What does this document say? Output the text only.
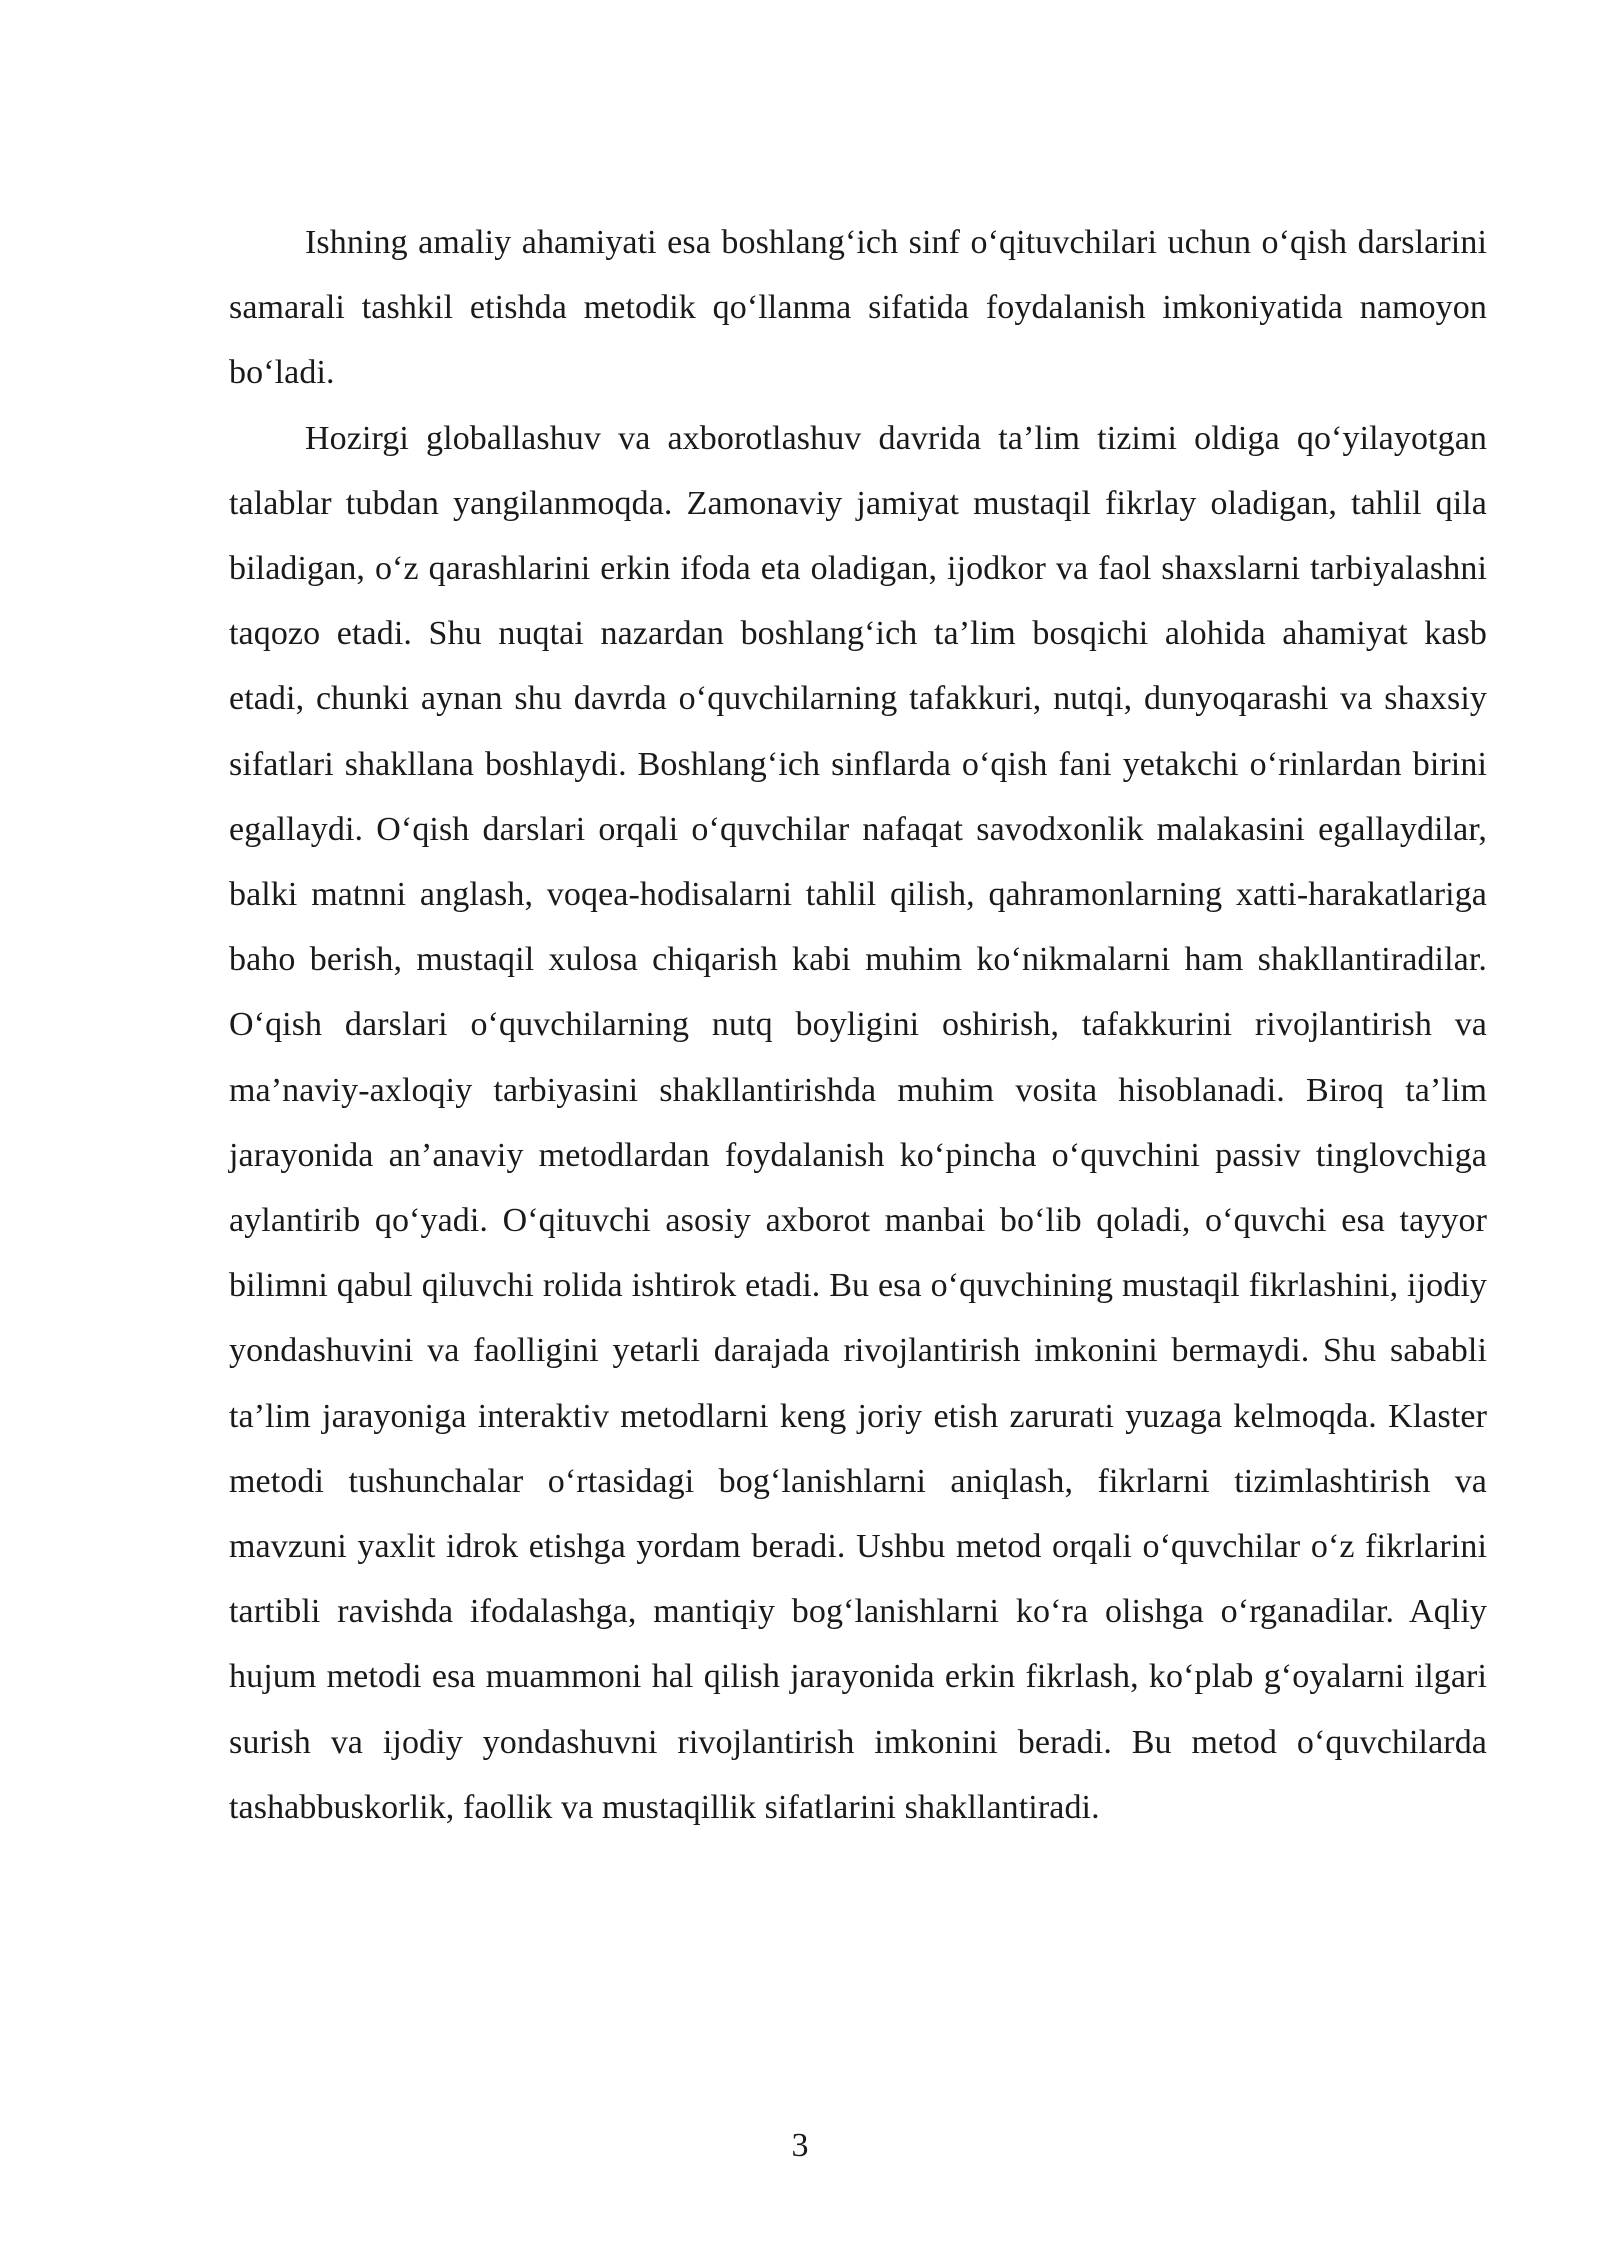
Ishning amaliy ahamiyati esa boshlang‘ich sinf o‘qituvchilari uchun o‘qish darslarini samarali tashkil etishda metodik qo‘llanma sifatida foydalanish imkoniyatida namoyon bo‘ladi.

Hozirgi globallashuv va axborotlashuv davrida ta’lim tizimi oldiga qo‘yilayotgan talablar tubdan yangilanmoqda. Zamonaviy jamiyat mustaqil fikrlay oladigan, tahlil qila biladigan, o‘z qarashlarini erkin ifoda eta oladigan, ijodkor va faol shaxslarni tarbiyalashni taqozo etadi. Shu nuqtai nazardan boshlang‘ich ta’lim bosqichi alohida ahamiyat kasb etadi, chunki aynan shu davrda o‘quvchilarning tafakkuri, nutqi, dunyoqarashi va shaxsiy sifatlari shakllana boshlaydi. Boshlang‘ich sinflarda o‘qish fani yetakchi o‘rinlardan birini egallaydi. O‘qish darslari orqali o‘quvchilar nafaqat savodxonlik malakasini egallaydilar, balki matnni anglash, voqea-hodisalarni tahlil qilish, qahramonlarning xatti-harakatlariga baho berish, mustaqil xulosa chiqarish kabi muhim ko‘nikmalarni ham shakllantiradilar. O‘qish darslari o‘quvchilarning nutq boyligini oshirish, tafakkurini rivojlantirish va ma’naviy-axloqiy tarbiyasini shakllantirishda muhim vosita hisoblanadi. Biroq ta’lim jarayonida an’anaviy metodlardan foydalanish ko‘pincha o‘quvchini passiv tinglovchiga aylantirib qo‘yadi. O‘qituvchi asosiy axborot manbai bo‘lib qoladi, o‘quvchi esa tayyor bilimni qabul qiluvchi rolida ishtirok etadi. Bu esa o‘quvchining mustaqil fikrlashini, ijodiy yondashuvini va faolligini yetarli darajada rivojlantirish imkonini bermaydi. Shu sababli ta’lim jarayoniga interaktiv metodlarni keng joriy etish zarurati yuzaga kelmoqda. Klaster metodi tushunchalar o‘rtasidagi bog‘lanishlarni aniqlash, fikrlarni tizimlashtirish va mavzuni yaxlit idrok etishga yordam beradi. Ushbu metod orqali o‘quvchilar o‘z fikrlarini tartibli ravishda ifodalashga, mantiqiy bog‘lanishlarni ko‘ra olishga o‘rganadilar. Aqliy hujum metodi esa muammoni hal qilish jarayonida erkin fikrlash, ko‘plab g‘oyalarni ilgari surish va ijodiy yondashuvni rivojlantirish imkonini beradi. Bu metod o‘quvchilarda tashabbuskorlik, faollik va mustaqillik sifatlarini shakllantiradi.

3
